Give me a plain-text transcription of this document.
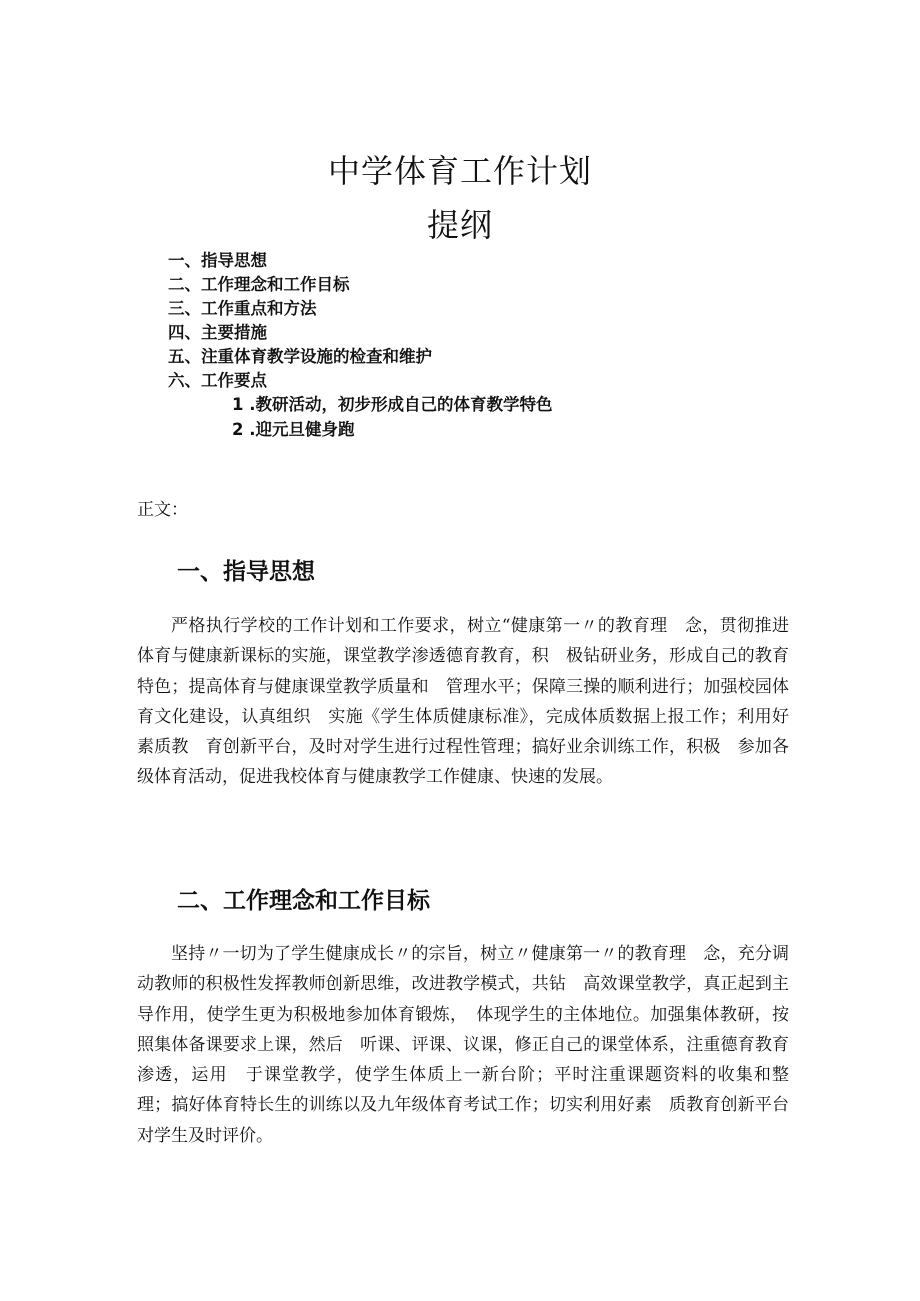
中学体育工作计划
提纲
一、指导思想
二、工作理念和工作目标
三、工作重点和方法
四、主要措施
五、注重体育教学设施的检查和维护
六、工作要点
1 .教研活动，初步形成自己的体育教学特色
2 .迎元旦健身跑

正文：

一、指导思想

严格执行学校的工作计划和工作要求，树立“健康第一〃的教育理　念，贯彻推进体育与健康新课标的实施，课堂教学渗透德育教育，积　极钻研业务，形成自己的教育特色；提高体育与健康课堂教学质量和　管理水平；保障三操的顺利进行；加强校园体育文化建设，认真组织　实施《学生体质健康标准》，完成体质数据上报工作；利用好素质教　育创新平台，及时对学生进行过程性管理；搞好业余训练工作，积极　参加各级体育活动，促进我校体育与健康教学工作健康、快速的发展。

二、工作理念和工作目标

坚持〃一切为了学生健康成长〃的宗旨，树立〃健康第一〃的教育理　念，充分调动教师的积极性发挥教师创新思维，改进教学模式，共钻　高效课堂教学，真正起到主导作用，使学生更为积极地参加体育锻炼，　体现学生的主体地位。加强集体教研，按照集体备课要求上课，然后　听课、评课、议课，修正自己的课堂体系，注重德育教育渗透，运用　于课堂教学，使学生体质上一新台阶；平时注重课题资料的收集和整　理；搞好体育特长生的训练以及九年级体育考试工作；切实利用好素　质教育创新平台对学生及时评价。
